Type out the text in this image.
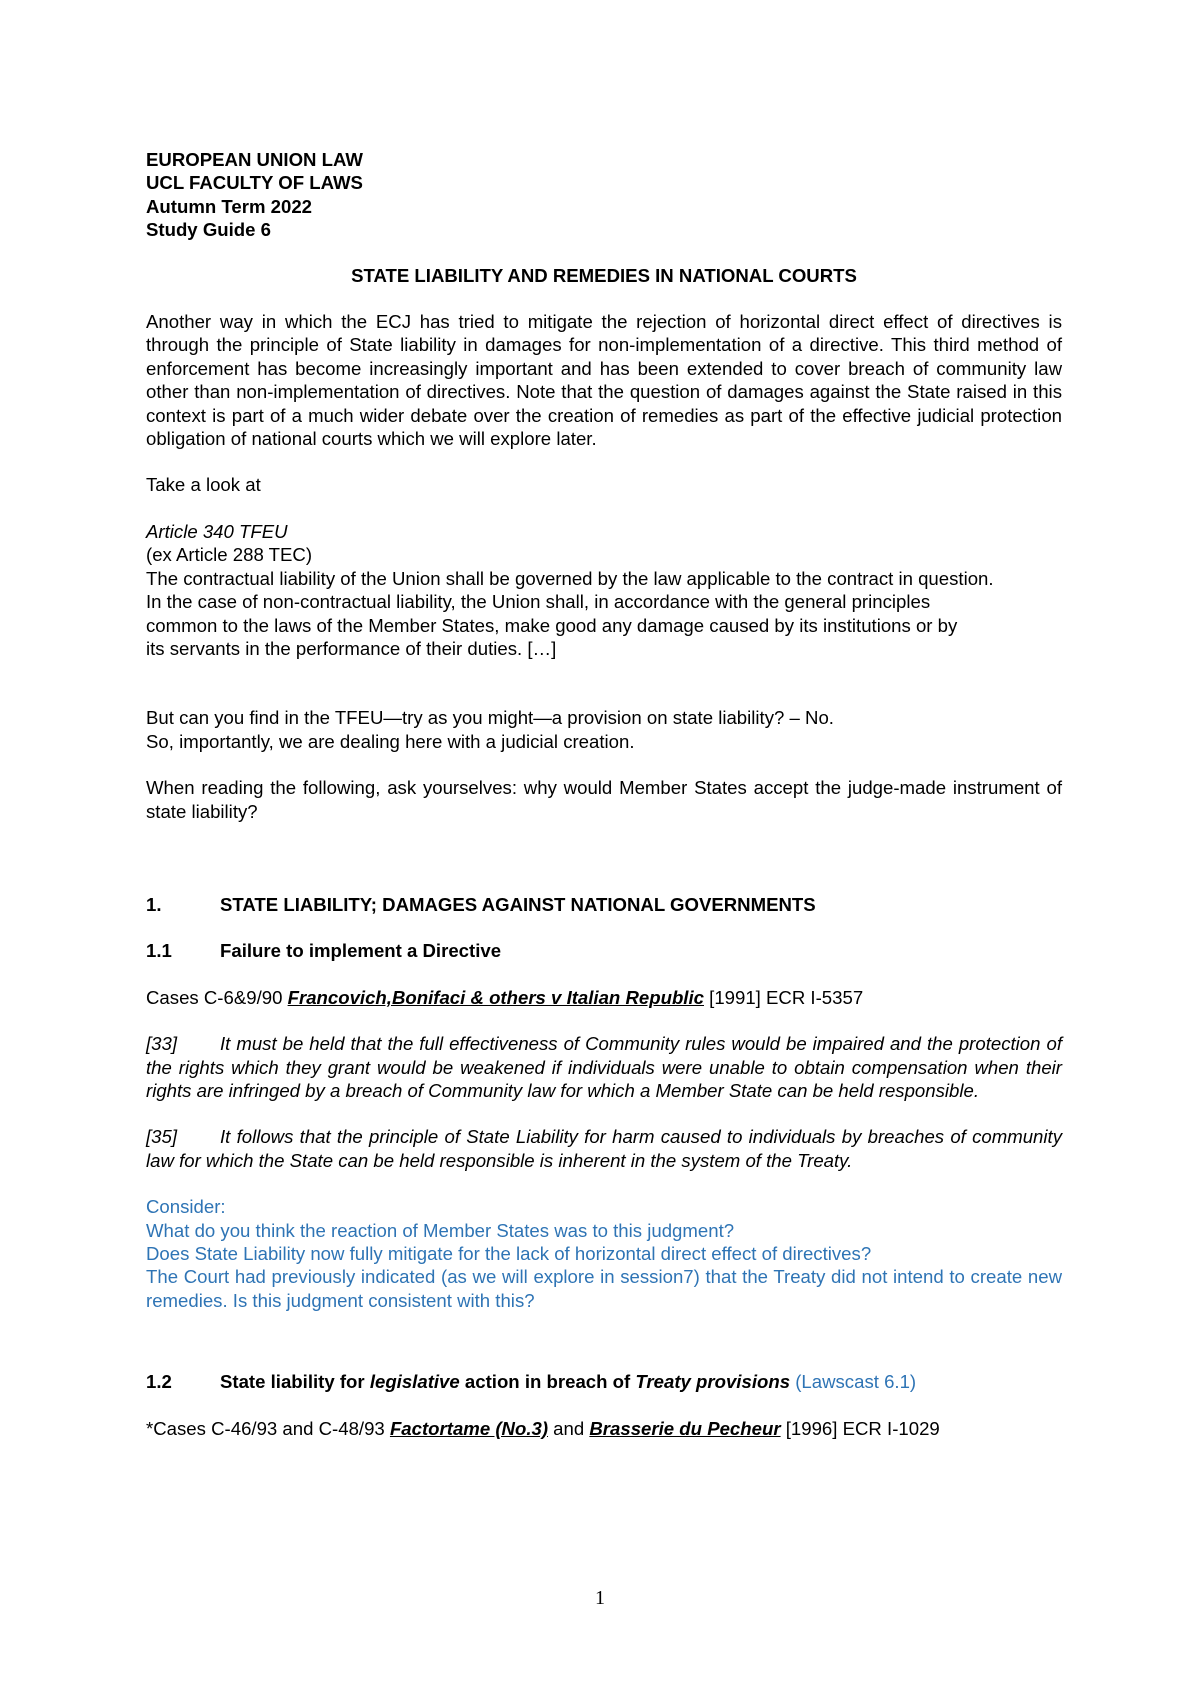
EUROPEAN UNION LAW

UCL FACULTY OF LAWS

Autumn Term 2022

Study Guide 6

STATE LIABILITY AND REMEDIES IN NATIONAL COURTS

Another way in which the ECJ has tried to mitigate the rejection of horizontal direct effect of directives is through the principle of State liability in damages for non-implementation of a directive. This third method of enforcement has become increasingly important and has been extended to cover breach of community law other than non-implementation of directives. Note that the question of damages against the State raised in this context is part of a much wider debate over the creation of remedies as part of the effective judicial protection obligation of national courts which we will explore later.

Take a look at

Article 340 TFEU

(ex Article 288 TEC)

The contractual liability of the Union shall be governed by the law applicable to the contract in question.

In the case of non-contractual liability, the Union shall, in accordance with the general principles

common to the laws of the Member States, make good any damage caused by its institutions or by

its servants in the performance of their duties. […]

But can you find in the TFEU—try as you might—a provision on state liability? – No.

So, importantly, we are dealing here with a judicial creation.

When reading the following, ask yourselves: why would Member States accept the judge-made instrument of state liability?

1.	STATE LIABILITY; DAMAGES AGAINST NATIONAL GOVERNMENTS
1.1	Failure to implement a Directive

Cases C-6&9/90 Francovich,Bonifaci & others v Italian Republic [1991] ECR I-5357

[33] It must be held that the full effectiveness of Community rules would be impaired and the protection of the rights which they grant would be weakened if individuals were unable to obtain compensation when their rights are infringed by a breach of Community law for which a Member State can be held responsible.

[35] It follows that the principle of State Liability for harm caused to individuals by breaches of community law for which the State can be held responsible is inherent in the system of the Treaty.

Consider:

What do you think the reaction of Member States was to this judgment?

Does State Liability now fully mitigate for the lack of horizontal direct effect of directives?

The Court had previously indicated (as we will explore in session7) that the Treaty did not intend to create new remedies. Is this judgment consistent with this?

1.2	State liability for legislative action in breach of Treaty provisions (Lawscast 6.1)

*Cases C-46/93 and C-48/93 Factortame (No.3) and Brasserie du Pecheur [1996] ECR I-1029

1
